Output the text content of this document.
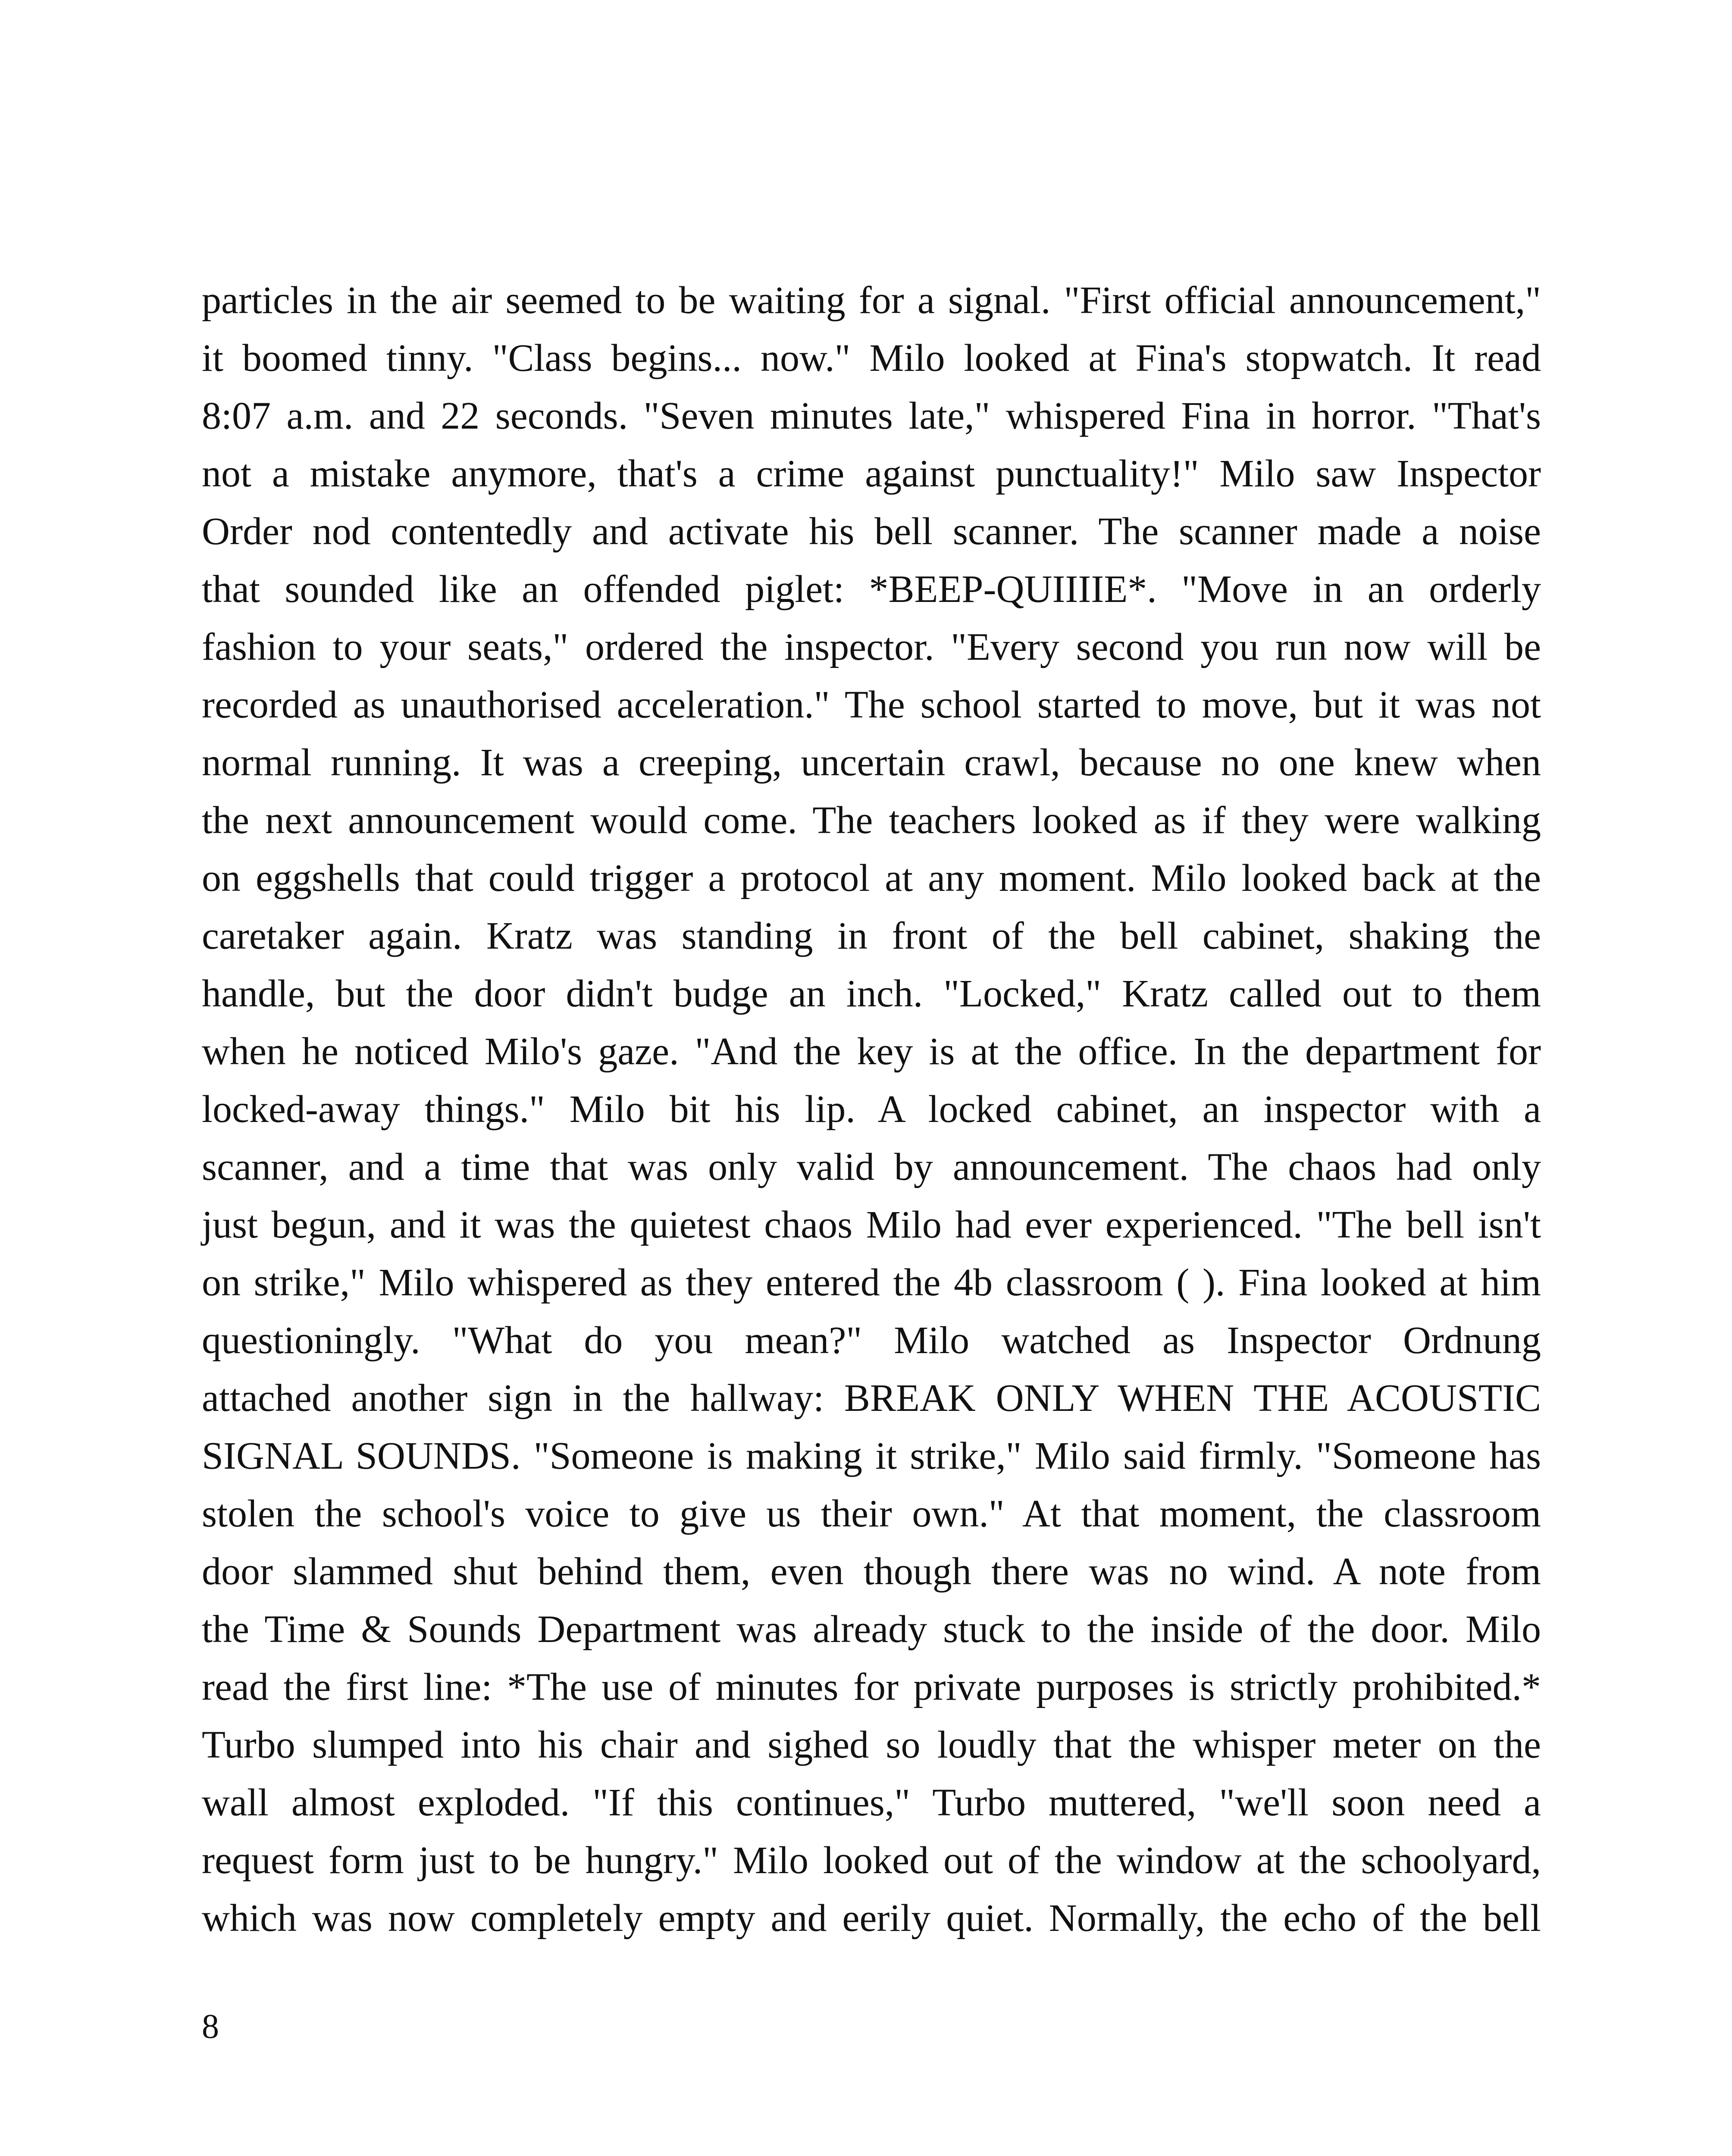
particles in the air seemed to be waiting for a signal. "First official announcement,"
it boomed tinny. "Class begins... now." Milo looked at Fina's stopwatch. It read
8:07 a.m. and 22 seconds. "Seven minutes late," whispered Fina in horror. "That's
not a mistake anymore, that's a crime against punctuality!" Milo saw Inspector
Order nod contentedly and activate his bell scanner. The scanner made a noise
that sounded like an offended piglet: *BEEP-QUIIIIE*. "Move in an orderly
fashion to your seats," ordered the inspector. "Every second you run now will be
recorded as unauthorised acceleration." The school started to move, but it was not
normal running. It was a creeping, uncertain crawl, because no one knew when
the next announcement would come. The teachers looked as if they were walking
on eggshells that could trigger a protocol at any moment. Milo looked back at the
caretaker again. Kratz was standing in front of the bell cabinet, shaking the
handle, but the door didn't budge an inch. "Locked," Kratz called out to them
when he noticed Milo's gaze. "And the key is at the office. In the department for
locked-away things." Milo bit his lip. A locked cabinet, an inspector with a
scanner, and a time that was only valid by announcement. The chaos had only
just begun, and it was the quietest chaos Milo had ever experienced. "The bell isn't
on strike," Milo whispered as they entered the 4b classroom ( ). Fina looked at him
questioningly. "What do you mean?" Milo watched as Inspector Ordnung
attached another sign in the hallway: BREAK ONLY WHEN THE ACOUSTIC
SIGNAL SOUNDS. "Someone is making it strike," Milo said firmly. "Someone has
stolen the school's voice to give us their own." At that moment, the classroom
door slammed shut behind them, even though there was no wind. A note from
the Time & Sounds Department was already stuck to the inside of the door. Milo
read the first line: *The use of minutes for private purposes is strictly prohibited.*
Turbo slumped into his chair and sighed so loudly that the whisper meter on the
wall almost exploded. "If this continues," Turbo muttered, "we'll soon need a
request form just to be hungry." Milo looked out of the window at the schoolyard,
which was now completely empty and eerily quiet. Normally, the echo of the bell
8
